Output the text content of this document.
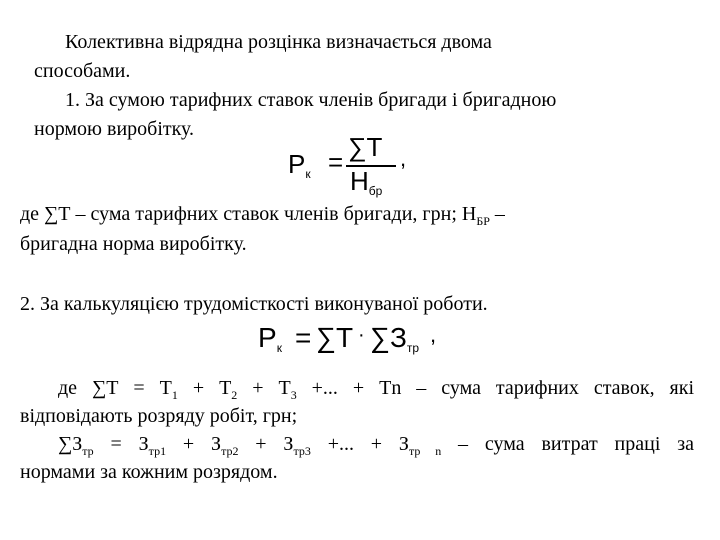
Колективна відрядна розцінка визначається двома
способами.
1. За сумою тарифних ставок членів бригади і бригадною
нормою виробітку.
Рк = ∑Т
Нбр
,
де ∑Т – сума тарифних ставок членів бригади, грн; $Н_{БР}$ –
бригадна норма виробітку.
2. За калькуляцією трудомісткості виконуваної роботи.
Рк = ∑Т · ∑Зтр
,
де $\sum Т = Т_1 + Т_2 + Т_3$ +... + Тn – сума тарифних ставок, які
відповідають розряду робіт, грн;
$\sum З_{тр} = З_{тр1} + З_{тр2} + З_{тр3}$ +... + $З_{тр n}$ – сума витрат праці за
нормами за кожним розрядом.
